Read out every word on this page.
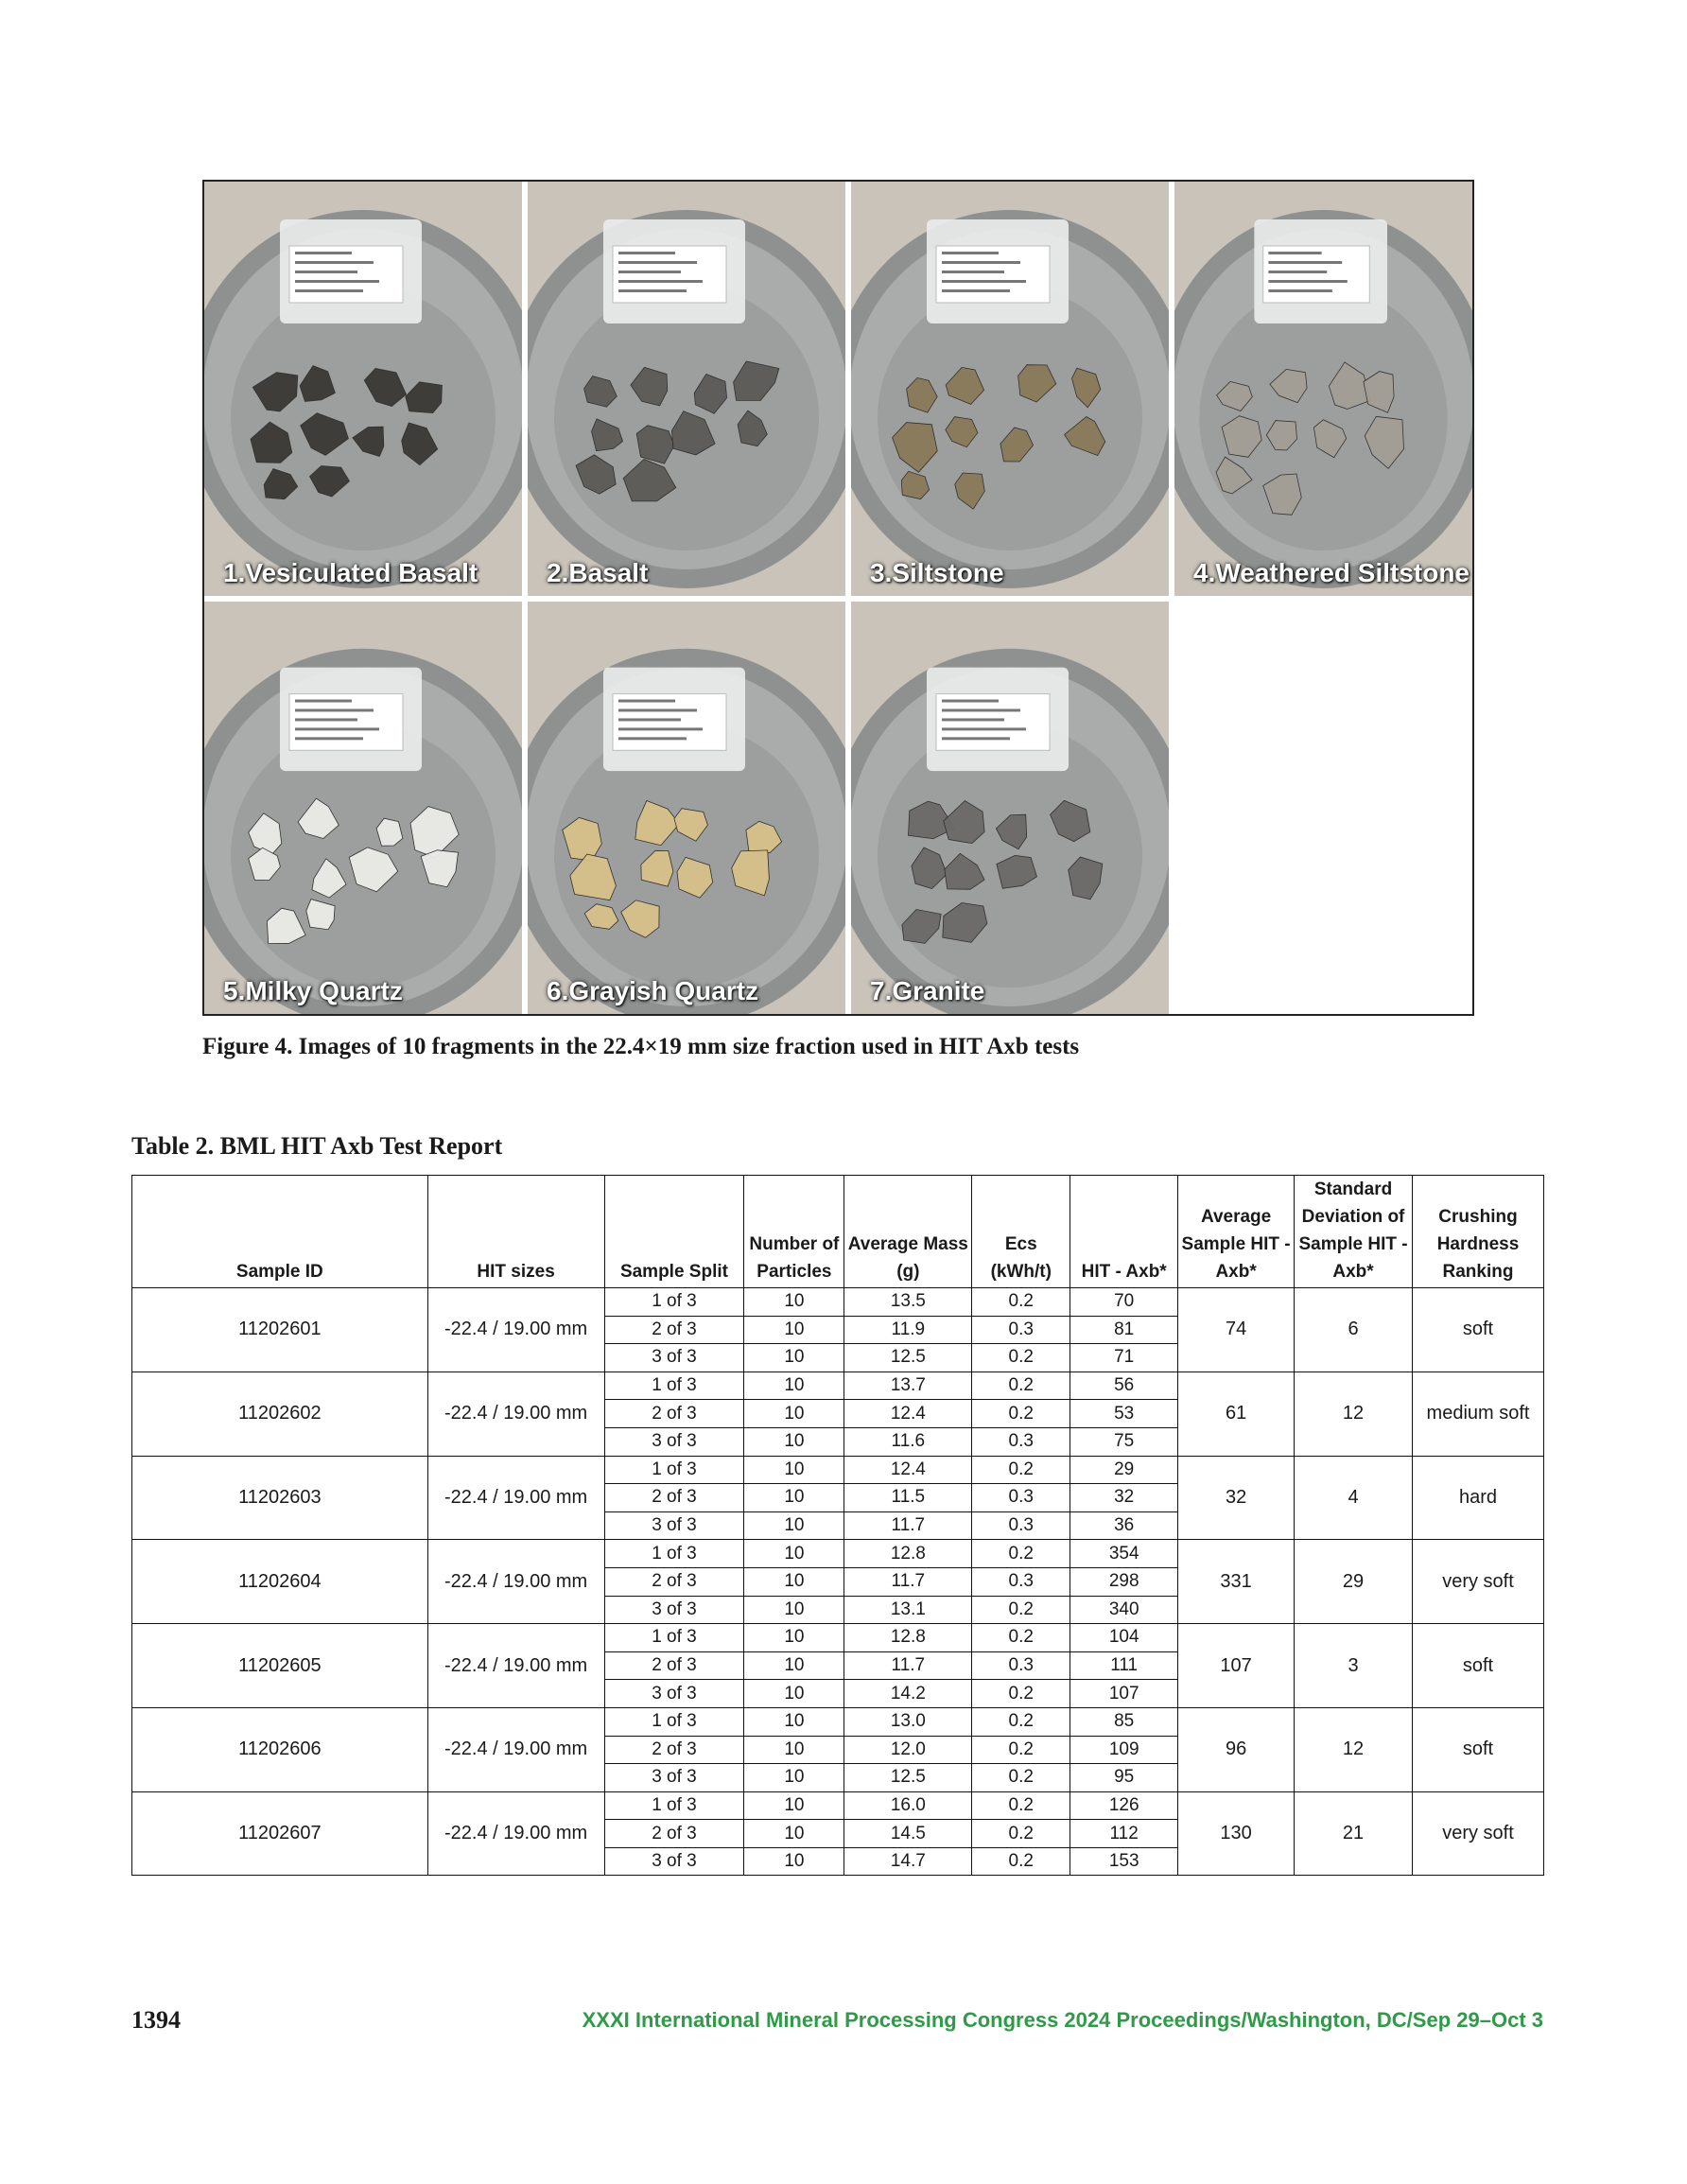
1.Vesiculated Basalt	2.Basalt	3.Siltstone	4.Weathered Siltstone
5.Milky Quartz	6.Grayish Quartz	7.Granite
Figure 4. Images of 10 fragments in the 22.4×19 mm size fraction used in HIT Axb tests
Table 2. BML HIT Axb Test Report
Sample ID	HIT sizes	Sample Split	Number of Particles	Average Mass (g)	Ecs (kWh/t)	HIT - Axb*	Average Sample HIT - Axb*	Standard Deviation of Sample HIT - Axb*	Crushing Hardness Ranking
11202601	-22.4 / 19.00 mm	1 of 3	10	13.5	0.2	70	74	6	soft
		2 of 3	10	11.9	0.3	81			
		3 of 3	10	12.5	0.2	71			
11202602	-22.4 / 19.00 mm	1 of 3	10	13.7	0.2	56	61	12	medium soft
		2 of 3	10	12.4	0.2	53			
		3 of 3	10	11.6	0.3	75			
11202603	-22.4 / 19.00 mm	1 of 3	10	12.4	0.2	29	32	4	hard
		2 of 3	10	11.5	0.3	32			
		3 of 3	10	11.7	0.3	36			
11202604	-22.4 / 19.00 mm	1 of 3	10	12.8	0.2	354	331	29	very soft
		2 of 3	10	11.7	0.3	298			
		3 of 3	10	13.1	0.2	340			
11202605	-22.4 / 19.00 mm	1 of 3	10	12.8	0.2	104	107	3	soft
		2 of 3	10	11.7	0.3	111			
		3 of 3	10	14.2	0.2	107			
11202606	-22.4 / 19.00 mm	1 of 3	10	13.0	0.2	85	96	12	soft
		2 of 3	10	12.0	0.2	109			
		3 of 3	10	12.5	0.2	95			
11202607	-22.4 / 19.00 mm	1 of 3	10	16.0	0.2	126	130	21	very soft
		2 of 3	10	14.5	0.2	112			
		3 of 3	10	14.7	0.2	153			
1394	XXXI International Mineral Processing Congress 2024 Proceedings/Washington, DC/Sep 29–Oct 3
